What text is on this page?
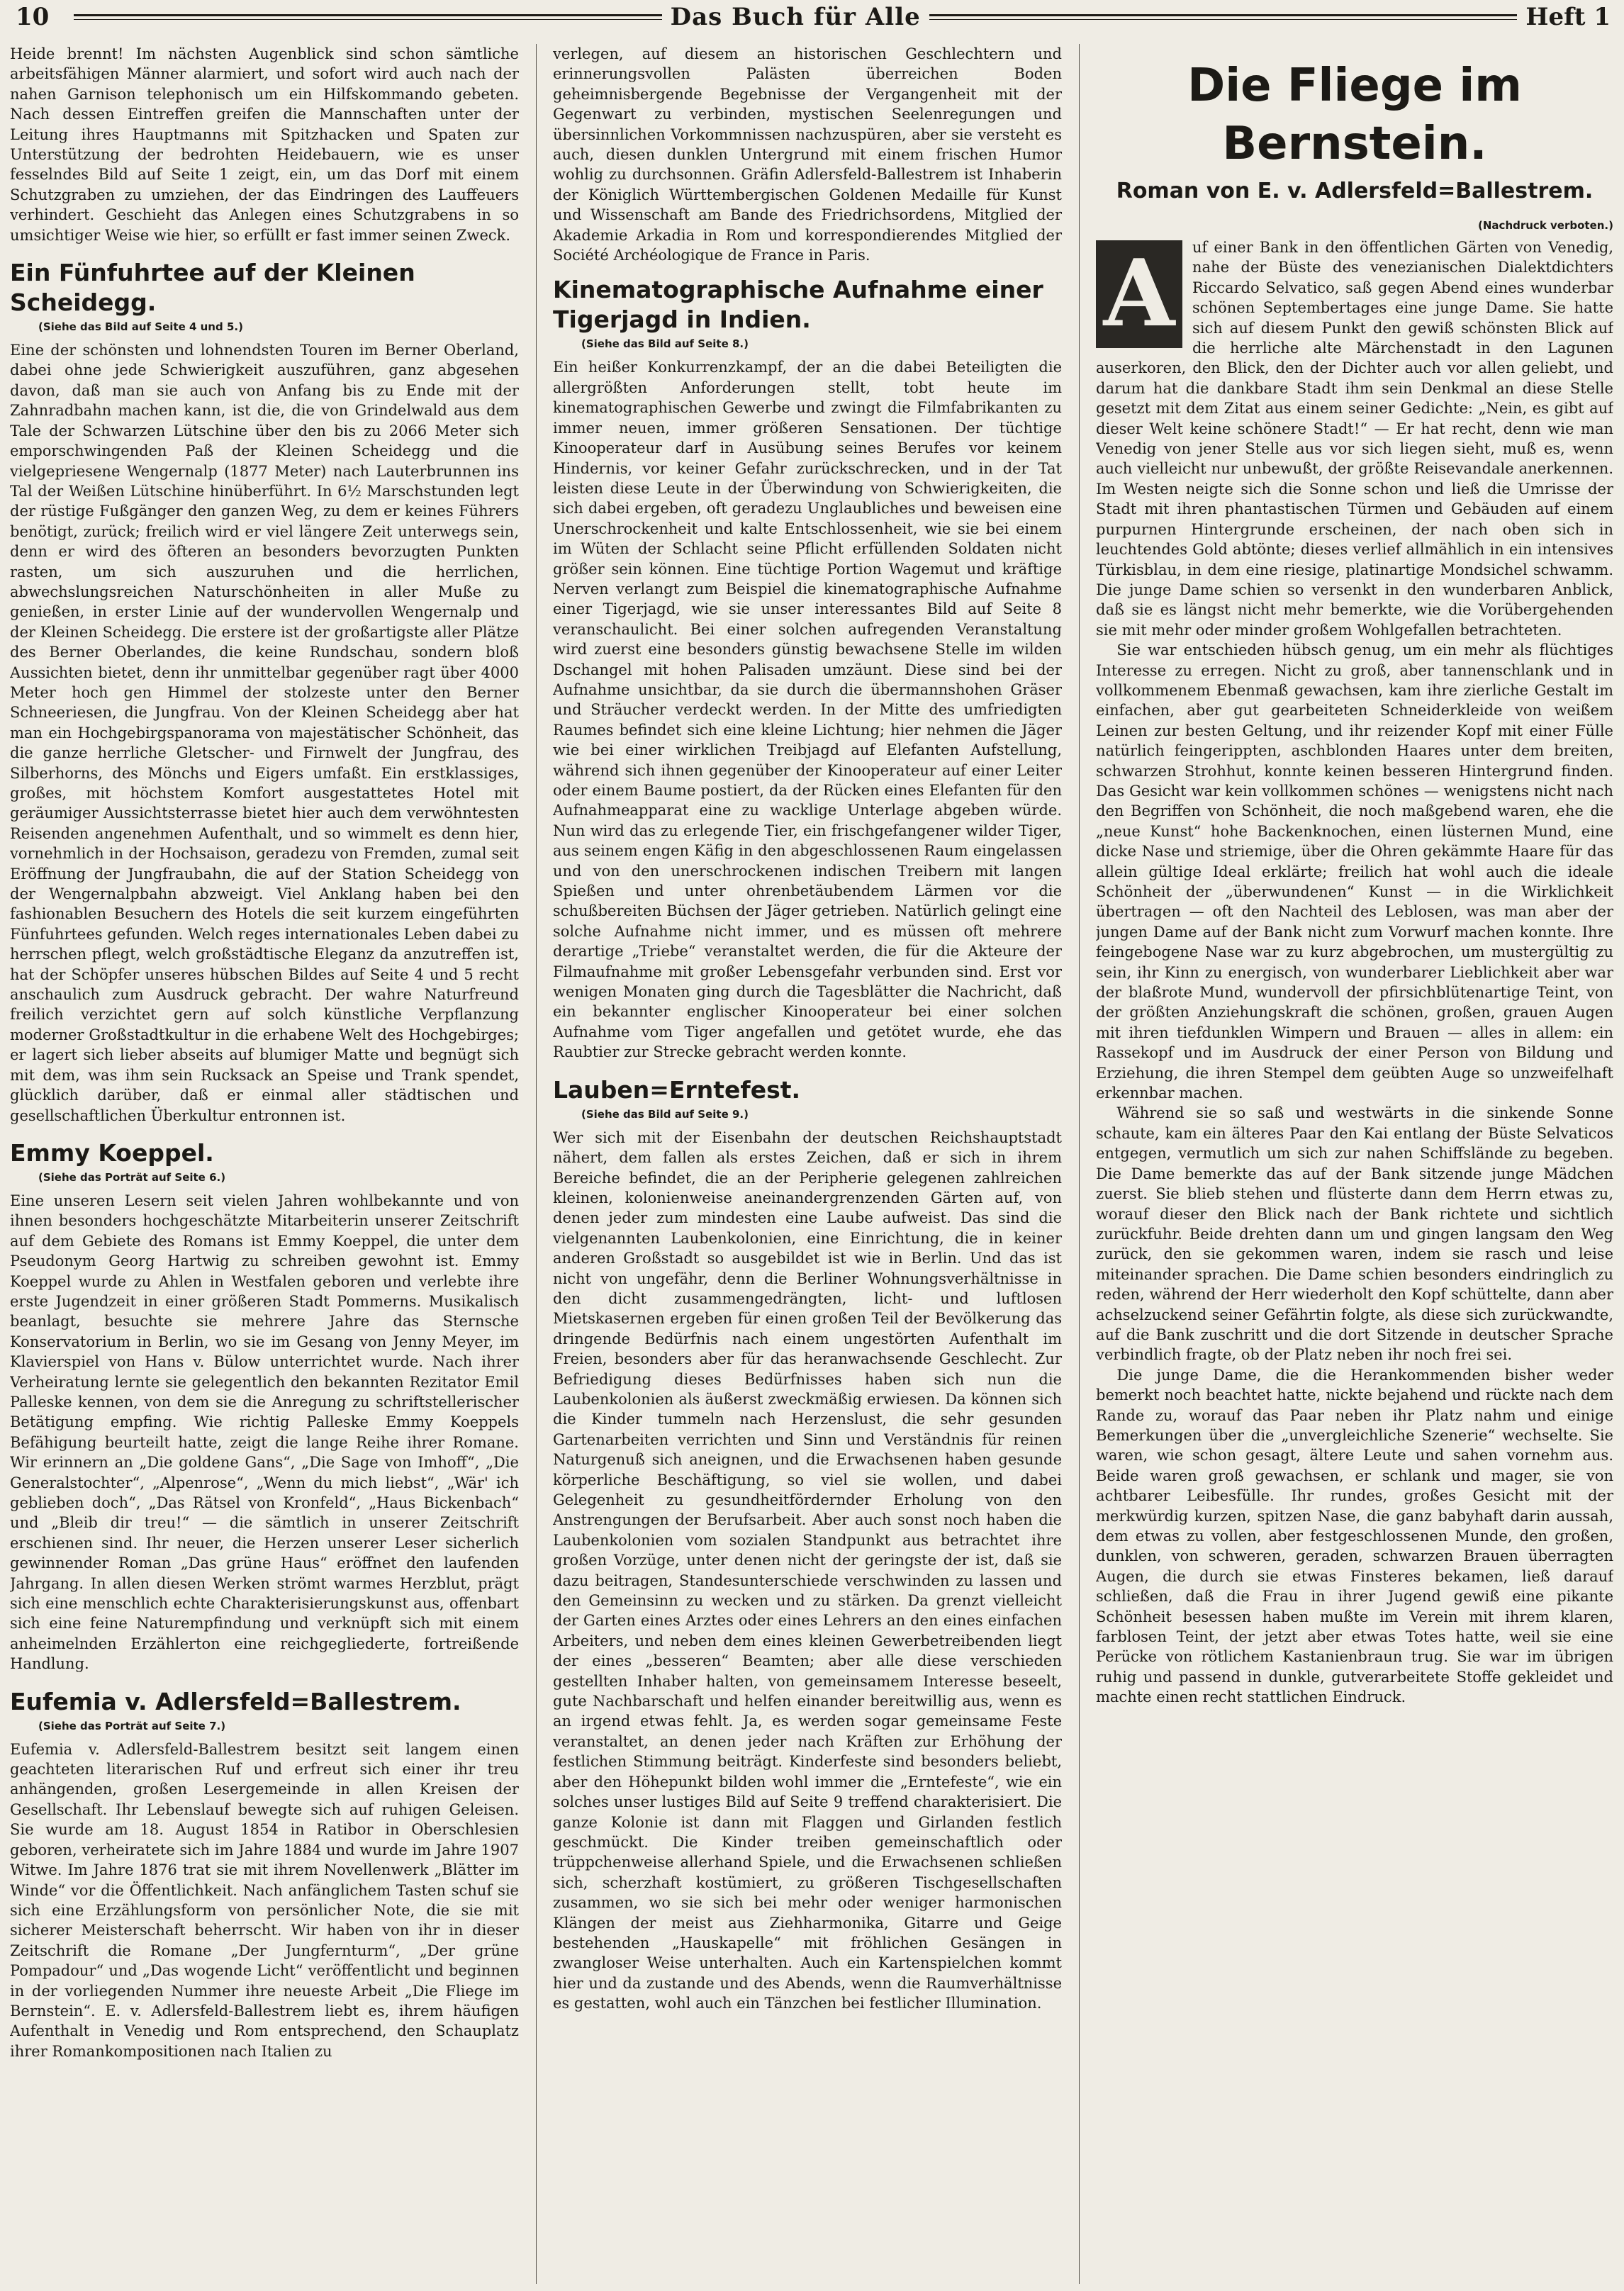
10	Das Buch für Alle	Heft 1

Heide brennt! Im nächsten Augenblick sind schon sämtliche arbeitsfähigen Männer alarmiert, und sofort wird auch nach der nahen Garnison telephonisch um ein Hilfskommando gebeten. Nach dessen Eintreffen greifen die Mannschaften unter der Leitung ihres Hauptmanns mit Spitzhacken und Spaten zur Unterstützung der bedrohten Heidebauern, wie es unser fesselndes Bild auf Seite 1 zeigt, ein, um das Dorf mit einem Schutzgraben zu umziehen, der das Eindringen des Lauffeuers verhindert. Geschieht das Anlegen eines Schutzgrabens in so umsichtiger Weise wie hier, so erfüllt er fast immer seinen Zweck.

Ein Fünfuhrtee auf der Kleinen Scheidegg.
(Siehe das Bild auf Seite 4 und 5.)

Eine der schönsten und lohnendsten Touren im Berner Oberland, dabei ohne jede Schwierigkeit auszuführen, ganz abgesehen davon, daß man sie auch von Anfang bis zu Ende mit der Zahnradbahn machen kann, ist die, die von Grindelwald aus dem Tale der Schwarzen Lütschine über den bis zu 2066 Meter sich emporschwingenden Paß der Kleinen Scheidegg und die vielgepriesene Wengernalp (1877 Meter) nach Lauterbrunnen ins Tal der Weißen Lütschine hinüberführt. In 6½ Marschstunden legt der rüstige Fußgänger den ganzen Weg, zu dem er keines Führers benötigt, zurück; freilich wird er viel längere Zeit unterwegs sein, denn er wird des öfteren an besonders bevorzugten Punkten rasten, um sich auszuruhen und die herrlichen, abwechslungsreichen Naturschönheiten in aller Muße zu genießen, in erster Linie auf der wundervollen Wengernalp und der Kleinen Scheidegg. Die erstere ist der großartigste aller Plätze des Berner Oberlandes, die keine Rundschau, sondern bloß Aussichten bietet, denn ihr unmittelbar gegenüber ragt über 4000 Meter hoch gen Himmel der stolzeste unter den Berner Schneeriesen, die Jungfrau. Von der Kleinen Scheidegg aber hat man ein Hochgebirgspanorama von majestätischer Schönheit, das die ganze herrliche Gletscher- und Firnwelt der Jungfrau, des Silberhorns, des Mönchs und Eigers umfaßt. Ein erstklassiges, großes, mit höchstem Komfort ausgestattetes Hotel mit geräumiger Aussichtsterrasse bietet hier auch dem verwöhntesten Reisenden angenehmen Aufenthalt, und so wimmelt es denn hier, vornehmlich in der Hochsaison, geradezu von Fremden, zumal seit Eröffnung der Jungfraubahn, die auf der Station Scheidegg von der Wengernalpbahn abzweigt. Viel Anklang haben bei den fashionablen Besuchern des Hotels die seit kurzem eingeführten Fünfuhrtees gefunden. Welch reges internationales Leben dabei zu herrschen pflegt, welch großstädtische Eleganz da anzutreffen ist, hat der Schöpfer unseres hübschen Bildes auf Seite 4 und 5 recht anschaulich zum Ausdruck gebracht. Der wahre Naturfreund freilich verzichtet gern auf solch künstliche Verpflanzung moderner Großstadtkultur in die erhabene Welt des Hochgebirges; er lagert sich lieber abseits auf blumiger Matte und begnügt sich mit dem, was ihm sein Rucksack an Speise und Trank spendet, glücklich darüber, daß er einmal aller städtischen und gesellschaftlichen Überkultur entronnen ist.

Emmy Koeppel.
(Siehe das Porträt auf Seite 6.)

Eine unseren Lesern seit vielen Jahren wohlbekannte und von ihnen besonders hochgeschätzte Mitarbeiterin unserer Zeitschrift auf dem Gebiete des Romans ist Emmy Koeppel, die unter dem Pseudonym Georg Hartwig zu schreiben gewohnt ist. Emmy Koeppel wurde zu Ahlen in Westfalen geboren und verlebte ihre erste Jugendzeit in einer größeren Stadt Pommerns. Musikalisch beanlagt, besuchte sie mehrere Jahre das Sternsche Konservatorium in Berlin, wo sie im Gesang von Jenny Meyer, im Klavierspiel von Hans v. Bülow unterrichtet wurde. Nach ihrer Verheiratung lernte sie gelegentlich den bekannten Rezitator Emil Palleske kennen, von dem sie die Anregung zu schriftstellerischer Betätigung empfing. Wie richtig Palleske Emmy Koeppels Befähigung beurteilt hatte, zeigt die lange Reihe ihrer Romane. Wir erinnern an „Die goldene Gans“, „Die Sage von Imhoff“, „Die Generalstochter“, „Alpenrose“, „Wenn du mich liebst“, „Wär' ich geblieben doch“, „Das Rätsel von Kronfeld“, „Haus Bickenbach“ und „Bleib dir treu!“ — die sämtlich in unserer Zeitschrift erschienen sind. Ihr neuer, die Herzen unserer Leser sicherlich gewinnender Roman „Das grüne Haus“ eröffnet den laufenden Jahrgang. In allen diesen Werken strömt warmes Herzblut, prägt sich eine menschlich echte Charakterisierungskunst aus, offenbart sich eine feine Naturempfindung und verknüpft sich mit einem anheimelnden Erzählerton eine reichgegliederte, fortreißende Handlung.

Eufemia v. Adlersfeld=Ballestrem.
(Siehe das Porträt auf Seite 7.)

Eufemia v. Adlersfeld-Ballestrem besitzt seit langem einen geachteten literarischen Ruf und erfreut sich einer ihr treu anhängenden, großen Lesergemeinde in allen Kreisen der Gesellschaft. Ihr Lebenslauf bewegte sich auf ruhigen Geleisen. Sie wurde am 18. August 1854 in Ratibor in Oberschlesien geboren, verheiratete sich im Jahre 1884 und wurde im Jahre 1907 Witwe. Im Jahre 1876 trat sie mit ihrem Novellenwerk „Blätter im Winde“ vor die Öffentlichkeit. Nach anfänglichem Tasten schuf sie sich eine Erzählungsform von persönlicher Note, die sie mit sicherer Meisterschaft beherrscht. Wir haben von ihr in dieser Zeitschrift die Romane „Der Jungfernturm“, „Der grüne Pompadour“ und „Das wogende Licht“ veröffentlicht und beginnen in der vorliegenden Nummer ihre neueste Arbeit „Die Fliege im Bernstein“. E. v. Adlersfeld-Ballestrem liebt es, ihrem häufigen Aufenthalt in Venedig und Rom entsprechend, den Schauplatz ihrer Romankompositionen nach Italien zu

verlegen, auf diesem an historischen Geschlechtern und erinnerungsvollen Palästen überreichen Boden geheimnisbergende Begebnisse der Vergangenheit mit der Gegenwart zu verbinden, mystischen Seelenregungen und übersinnlichen Vorkommnissen nachzuspüren, aber sie versteht es auch, diesen dunklen Untergrund mit einem frischen Humor wohlig zu durchsonnen. Gräfin Adlersfeld-Ballestrem ist Inhaberin der Königlich Württembergischen Goldenen Medaille für Kunst und Wissenschaft am Bande des Friedrichsordens, Mitglied der Akademie Arkadia in Rom und korrespondierendes Mitglied der Société Archéologique de France in Paris.

Kinematographische Aufnahme einer Tigerjagd in Indien.
(Siehe das Bild auf Seite 8.)

Ein heißer Konkurrenzkampf, der an die dabei Beteiligten die allergrößten Anforderungen stellt, tobt heute im kinematographischen Gewerbe und zwingt die Filmfabrikanten zu immer neuen, immer größeren Sensationen. Der tüchtige Kinooperateur darf in Ausübung seines Berufes vor keinem Hindernis, vor keiner Gefahr zurückschrecken, und in der Tat leisten diese Leute in der Überwindung von Schwierigkeiten, die sich dabei ergeben, oft geradezu Unglaubliches und beweisen eine Unerschrockenheit und kalte Entschlossenheit, wie sie bei einem im Wüten der Schlacht seine Pflicht erfüllenden Soldaten nicht größer sein können. Eine tüchtige Portion Wagemut und kräftige Nerven verlangt zum Beispiel die kinematographische Aufnahme einer Tigerjagd, wie sie unser interessantes Bild auf Seite 8 veranschaulicht. Bei einer solchen aufregenden Veranstaltung wird zuerst eine besonders günstig bewachsene Stelle im wilden Dschangel mit hohen Palisaden umzäunt. Diese sind bei der Aufnahme unsichtbar, da sie durch die übermannshohen Gräser und Sträucher verdeckt werden. In der Mitte des umfriedigten Raumes befindet sich eine kleine Lichtung; hier nehmen die Jäger wie bei einer wirklichen Treibjagd auf Elefanten Aufstellung, während sich ihnen gegenüber der Kinooperateur auf einer Leiter oder einem Baume postiert, da der Rücken eines Elefanten für den Aufnahmeapparat eine zu wacklige Unterlage abgeben würde. Nun wird das zu erlegende Tier, ein frischgefangener wilder Tiger, aus seinem engen Käfig in den abgeschlossenen Raum eingelassen und von den unerschrockenen indischen Treibern mit langen Spießen und unter ohrenbetäubendem Lärmen vor die schußbereiten Büchsen der Jäger getrieben. Natürlich gelingt eine solche Aufnahme nicht immer, und es müssen oft mehrere derartige „Triebe“ veranstaltet werden, die für die Akteure der Filmaufnahme mit großer Lebensgefahr verbunden sind. Erst vor wenigen Monaten ging durch die Tagesblätter die Nachricht, daß ein bekannter englischer Kinooperateur bei einer solchen Aufnahme vom Tiger angefallen und getötet wurde, ehe das Raubtier zur Strecke gebracht werden konnte.

Lauben=Erntefest.
(Siehe das Bild auf Seite 9.)

Wer sich mit der Eisenbahn der deutschen Reichshauptstadt nähert, dem fallen als erstes Zeichen, daß er sich in ihrem Bereiche befindet, die an der Peripherie gelegenen zahlreichen kleinen, kolonienweise aneinandergrenzenden Gärten auf, von denen jeder zum mindesten eine Laube aufweist. Das sind die vielgenannten Laubenkolonien, eine Einrichtung, die in keiner anderen Großstadt so ausgebildet ist wie in Berlin. Und das ist nicht von ungefähr, denn die Berliner Wohnungsverhältnisse in den dicht zusammengedrängten, licht- und luftlosen Mietskasernen ergeben für einen großen Teil der Bevölkerung das dringende Bedürfnis nach einem ungestörten Aufenthalt im Freien, besonders aber für das heranwachsende Geschlecht. Zur Befriedigung dieses Bedürfnisses haben sich nun die Laubenkolonien als äußerst zweckmäßig erwiesen. Da können sich die Kinder tummeln nach Herzenslust, die sehr gesunden Gartenarbeiten verrichten und Sinn und Verständnis für reinen Naturgenuß sich aneignen, und die Erwachsenen haben gesunde körperliche Beschäftigung, so viel sie wollen, und dabei Gelegenheit zu gesundheitfördernder Erholung von den Anstrengungen der Berufsarbeit. Aber auch sonst noch haben die Laubenkolonien vom sozialen Standpunkt aus betrachtet ihre großen Vorzüge, unter denen nicht der geringste der ist, daß sie dazu beitragen, Standesunterschiede verschwinden zu lassen und den Gemeinsinn zu wecken und zu stärken. Da grenzt vielleicht der Garten eines Arztes oder eines Lehrers an den eines einfachen Arbeiters, und neben dem eines kleinen Gewerbetreibenden liegt der eines „besseren“ Beamten; aber alle diese verschieden gestellten Inhaber halten, von gemeinsamem Interesse beseelt, gute Nachbarschaft und helfen einander bereitwillig aus, wenn es an irgend etwas fehlt. Ja, es werden sogar gemeinsame Feste veranstaltet, an denen jeder nach Kräften zur Erhöhung der festlichen Stimmung beiträgt. Kinderfeste sind besonders beliebt, aber den Höhepunkt bilden wohl immer die „Erntefeste“, wie ein solches unser lustiges Bild auf Seite 9 treffend charakterisiert. Die ganze Kolonie ist dann mit Flaggen und Girlanden festlich geschmückt. Die Kinder treiben gemeinschaftlich oder trüppchenweise allerhand Spiele, und die Erwachsenen schließen sich, scherzhaft kostümiert, zu größeren Tischgesellschaften zusammen, wo sie sich bei mehr oder weniger harmonischen Klängen der meist aus Ziehharmonika, Gitarre und Geige bestehenden „Hauskapelle“ mit fröhlichen Gesängen in zwangloser Weise unterhalten. Auch ein Kartenspielchen kommt hier und da zustande und des Abends, wenn die Raumverhältnisse es gestatten, wohl auch ein Tänzchen bei festlicher Illumination.

Die Fliege im Bernstein.
Roman von E. v. Adlersfeld=Ballestrem.
(Nachdruck verboten.)

A	uf einer Bank in den öffentlichen Gärten von Venedig, nahe der Büste des venezianischen Dialektdichters Riccardo Selvatico, saß gegen Abend eines wunderbar schönen Septembertages eine junge Dame. Sie hatte sich auf diesem Punkt den gewiß schönsten Blick auf die herrliche alte Märchenstadt in den Lagunen auserkoren, den Blick, den der Dichter auch vor allen geliebt, und darum hat die dankbare Stadt ihm sein Denkmal an diese Stelle gesetzt mit dem Zitat aus einem seiner Gedichte: „Nein, es gibt auf dieser Welt keine schönere Stadt!“ — Er hat recht, denn wie man Venedig von jener Stelle aus vor sich liegen sieht, muß es, wenn auch vielleicht nur unbewußt, der größte Reisevandale anerkennen. Im Westen neigte sich die Sonne schon und ließ die Umrisse der Stadt mit ihren phantastischen Türmen und Gebäuden auf einem purpurnen Hintergrunde erscheinen, der nach oben sich in leuchtendes Gold abtönte; dieses verlief allmählich in ein intensives Türkisblau, in dem eine riesige, platinartige Mondsichel schwamm. Die junge Dame schien so versenkt in den wunderbaren Anblick, daß sie es längst nicht mehr bemerkte, wie die Vorübergehenden sie mit mehr oder minder großem Wohlgefallen betrachteten.

Sie war entschieden hübsch genug, um ein mehr als flüchtiges Interesse zu erregen. Nicht zu groß, aber tannenschlank und in vollkommenem Ebenmaß gewachsen, kam ihre zierliche Gestalt im einfachen, aber gut gearbeiteten Schneiderkleide von weißem Leinen zur besten Geltung, und ihr reizender Kopf mit einer Fülle natürlich feingerippten, aschblonden Haares unter dem breiten, schwarzen Strohhut, konnte keinen besseren Hintergrund finden. Das Gesicht war kein vollkommen schönes — wenigstens nicht nach den Begriffen von Schönheit, die noch maßgebend waren, ehe die „neue Kunst“ hohe Backenknochen, einen lüsternen Mund, eine dicke Nase und striemige, über die Ohren gekämmte Haare für das allein gültige Ideal erklärte; freilich hat wohl auch die ideale Schönheit der „überwundenen“ Kunst — in die Wirklichkeit übertragen — oft den Nachteil des Leblosen, was man aber der jungen Dame auf der Bank nicht zum Vorwurf machen konnte. Ihre feingebogene Nase war zu kurz abgebrochen, um mustergültig zu sein, ihr Kinn zu energisch, von wunderbarer Lieblichkeit aber war der blaßrote Mund, wundervoll der pfirsichblütenartige Teint, von der größten Anziehungskraft die schönen, großen, grauen Augen mit ihren tiefdunklen Wimpern und Brauen — alles in allem: ein Rassekopf und im Ausdruck der einer Person von Bildung und Erziehung, die ihren Stempel dem geübten Auge so unzweifelhaft erkennbar machen.

Während sie so saß und westwärts in die sinkende Sonne schaute, kam ein älteres Paar den Kai entlang der Büste Selvaticos entgegen, vermutlich um sich zur nahen Schiffslände zu begeben. Die Dame bemerkte das auf der Bank sitzende junge Mädchen zuerst. Sie blieb stehen und flüsterte dann dem Herrn etwas zu, worauf dieser den Blick nach der Bank richtete und sichtlich zurückfuhr. Beide drehten dann um und gingen langsam den Weg zurück, den sie gekommen waren, indem sie rasch und leise miteinander sprachen. Die Dame schien besonders eindringlich zu reden, während der Herr wiederholt den Kopf schüttelte, dann aber achselzuckend seiner Gefährtin folgte, als diese sich zurückwandte, auf die Bank zuschritt und die dort Sitzende in deutscher Sprache verbindlich fragte, ob der Platz neben ihr noch frei sei.

Die junge Dame, die die Herankommenden bisher weder bemerkt noch beachtet hatte, nickte bejahend und rückte nach dem Rande zu, worauf das Paar neben ihr Platz nahm und einige Bemerkungen über die „unvergleichliche Szenerie“ wechselte. Sie waren, wie schon gesagt, ältere Leute und sahen vornehm aus. Beide waren groß gewachsen, er schlank und mager, sie von achtbarer Leibesfülle. Ihr rundes, großes Gesicht mit der merkwürdig kurzen, spitzen Nase, die ganz babyhaft darin aussah, dem etwas zu vollen, aber festgeschlossenen Munde, den großen, dunklen, von schweren, geraden, schwarzen Brauen überragten Augen, die durch sie etwas Finsteres bekamen, ließ darauf schließen, daß die Frau in ihrer Jugend gewiß eine pikante Schönheit besessen haben mußte im Verein mit ihrem klaren, farblosen Teint, der jetzt aber etwas Totes hatte, weil sie eine Perücke von rötlichem Kastanienbraun trug. Sie war im übrigen ruhig und passend in dunkle, gutverarbeitete Stoffe gekleidet und machte einen recht stattlichen Eindruck.
